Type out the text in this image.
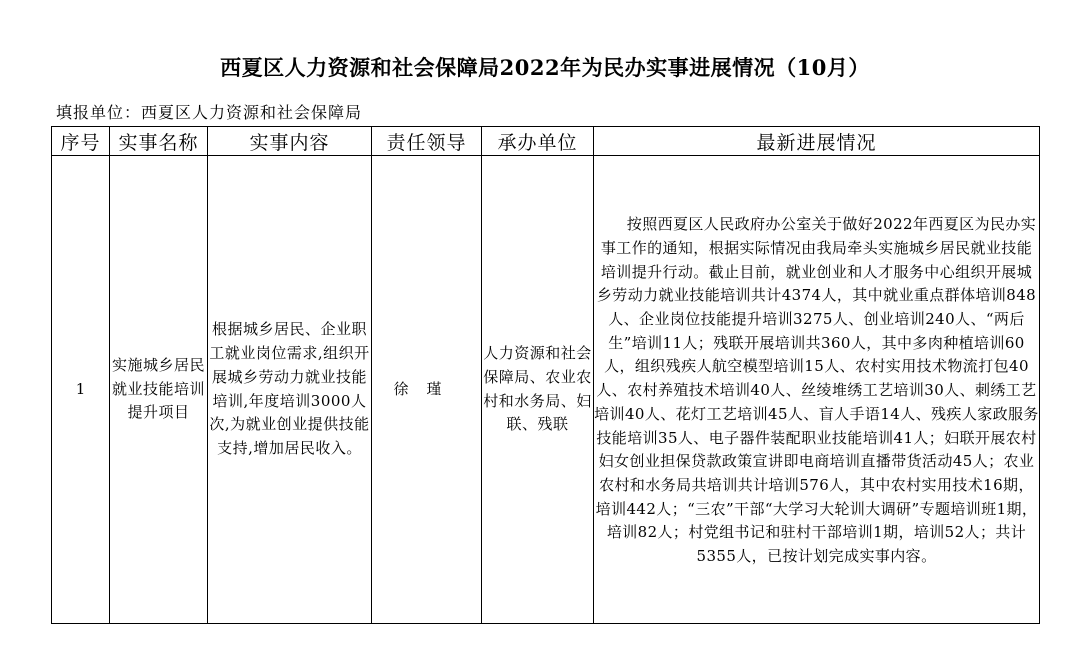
西夏区人力资源和社会保障局2022年为民办实事进展情况（10月）
填报单位：西夏区人力资源和社会保障局
序号	实事名称	实事内容	责任领导	承办单位	最新进展情况
1	实施城乡居民就业技能培训提升项目	根据城乡居民、企业职工就业岗位需求,组织开展城乡劳动力就业技能培训,年度培训3000人次,为就业创业提供技能支持,增加居民收入。	徐瑾	人力资源和社会保障局、农业农村和水务局、妇联、残联	按照西夏区人民政府办公室关于做好2022年西夏区为民办实事工作的通知，根据实际情况由我局牵头实施城乡居民就业技能培训提升行动。截止目前，就业创业和人才服务中心组织开展城乡劳动力就业技能培训共计4374人，其中就业重点群体培训848人、企业岗位技能提升培训3275人、创业培训240人、“两后生”培训11人；残联开展培训共360人，其中多肉种植培训60人，组织残疾人航空模型培训15人、农村实用技术物流打包40人、农村养殖技术培训40人、丝绫堆绣工艺培训30人、刺绣工艺培训40人、花灯工艺培训45人、盲人手语14人、残疾人家政服务技能培训35人、电子器件装配职业技能培训41人；妇联开展农村妇女创业担保贷款政策宣讲即电商培训直播带货活动45人；农业农村和水务局共培训共计培训576人，其中农村实用技术16期，培训442人；“三农”干部“大学习大轮训大调研”专题培训班1期，培训82人；村党组书记和驻村干部培训1期，培训52人；共计5355人，已按计划完成实事内容。
